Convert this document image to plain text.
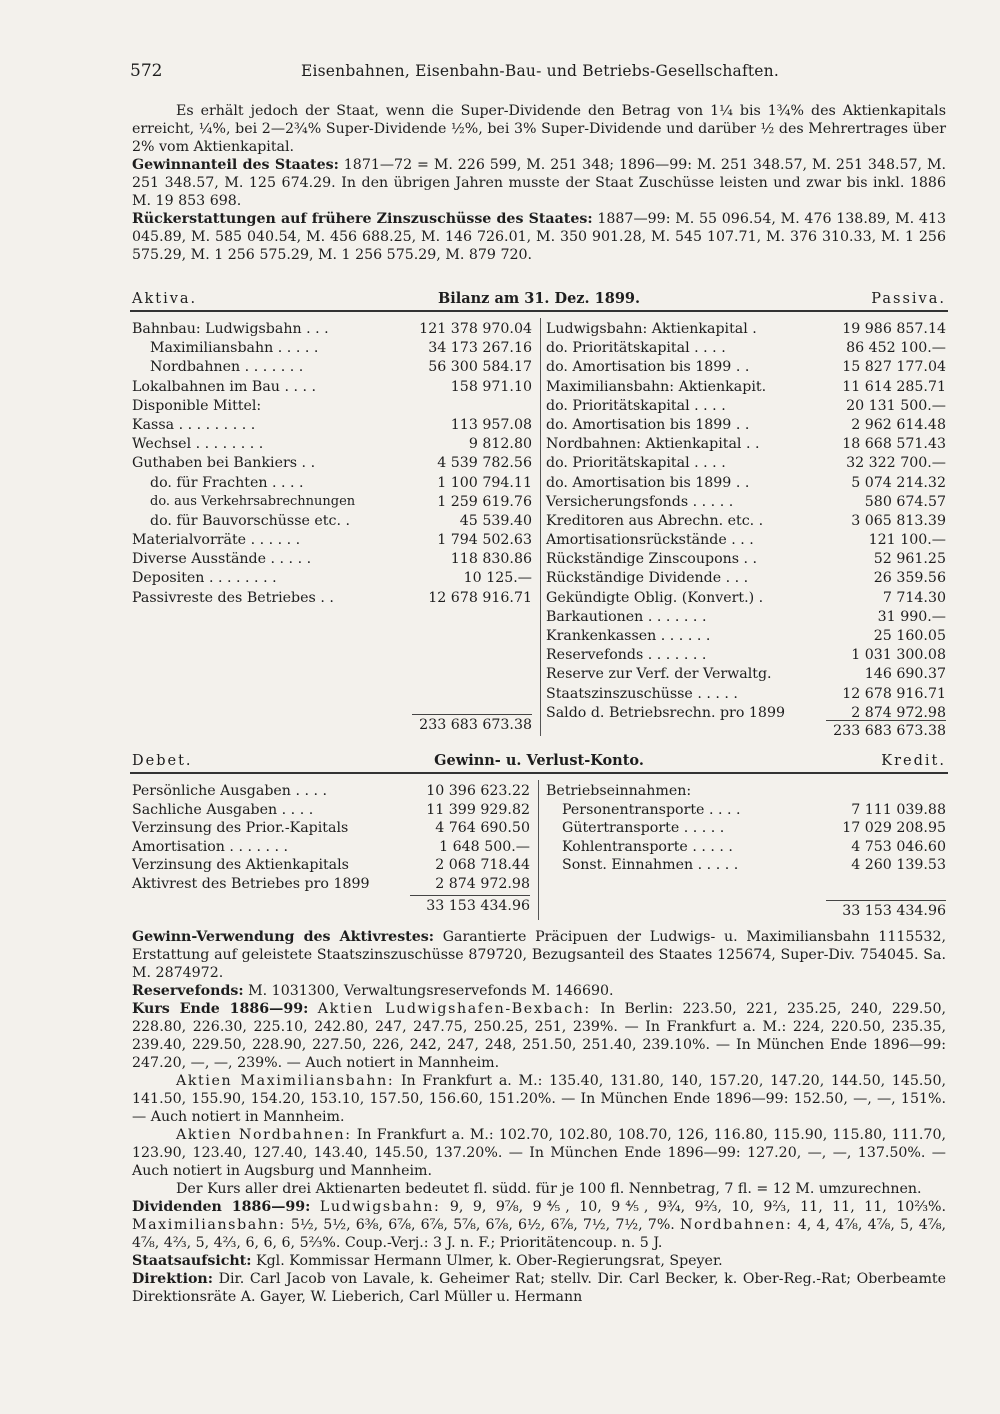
572	Eisenbahnen, Eisenbahn-Bau- und Betriebs-Gesellschaften.

Es erhält jedoch der Staat, wenn die Super-Dividende den Betrag von 1¼ bis 1¾% des Aktienkapitals erreicht, ¼%, bei 2—2¾% Super-Dividende ½%, bei 3% Super-Dividende und darüber ½ des Mehrertrages über 2% vom Aktienkapital.

Gewinnanteil des Staates: 1871—72 = M. 226 599, M. 251 348; 1896—99: M. 251 348.57, M. 251 348.57, M. 251 348.57, M. 125 674.29. In den übrigen Jahren musste der Staat Zuschüsse leisten und zwar bis inkl. 1886 M. 19 853 698.

Rückerstattungen auf frühere Zinszuschüsse des Staates: 1887—99: M. 55 096.54, M. 476 138.89, M. 413 045.89, M. 585 040.54, M. 456 688.25, M. 146 726.01, M. 350 901.28, M. 545 107.71, M. 376 310.33, M. 1 256 575.29, M. 1 256 575.29, M. 1 256 575.29, M. 879 720.

Aktiva.	Bilanz am 31. Dez. 1899.	Passiva.
Bahnbau: Ludwigsbahn . . .	121 378 970.04
Maximiliansbahn . . . . .	34 173 267.16
Nordbahnen . . . . . . .	56 300 584.17
Lokalbahnen im Bau . . . .	158 971.10
Disponible Mittel:
Kassa . . . . . . . . .	113 957.08
Wechsel . . . . . . . .	9 812.80
Guthaben bei Bankiers . .	4 539 782.56
do. für Frachten . . . .	1 100 794.11
do. aus Verkehrsabrechnungen	1 259 619.76
do. für Bauvorschüsse etc. .	45 539.40
Materialvorräte . . . . . .	1 794 502.63
Diverse Ausstände . . . . .	118 830.86
Depositen . . . . . . . .	10 125.—
Passivreste des Betriebes . .	12 678 916.71
233 683 673.38
Ludwigsbahn: Aktienkapital .	19 986 857.14
do. Prioritätskapital . . . .	86 452 100.—
do. Amortisation bis 1899 . .	15 827 177.04
Maximiliansbahn: Aktienkapit.	11 614 285.71
do. Prioritätskapital . . . .	20 131 500.—
do. Amortisation bis 1899 . .	2 962 614.48
Nordbahnen: Aktienkapital . .	18 668 571.43
do. Prioritätskapital . . . .	32 322 700.—
do. Amortisation bis 1899 . .	5 074 214.32
Versicherungsfonds . . . . .	580 674.57
Kreditoren aus Abrechn. etc. .	3 065 813.39
Amortisationsrückstände . . .	121 100.—
Rückständige Zinscoupons . .	52 961.25
Rückständige Dividende . . .	26 359.56
Gekündigte Oblig. (Konvert.) .	7 714.30
Barkautionen . . . . . . .	31 990.—
Krankenkassen . . . . . .	25 160.05
Reservefonds . . . . . . .	1 031 300.08
Reserve zur Verf. der Verwaltg.	146 690.37
Staatszinszuschüsse . . . . .	12 678 916.71
Saldo d. Betriebsrechn. pro 1899	2 874 972.98
233 683 673.38
Debet.	Gewinn- u. Verlust-Konto.	Kredit.
Persönliche Ausgaben . . . .	10 396 623.22
Sachliche Ausgaben . . . .	11 399 929.82
Verzinsung des Prior.-Kapitals	4 764 690.50
Amortisation . . . . . . .	1 648 500.—
Verzinsung des Aktienkapitals	2 068 718.44
Aktivrest des Betriebes pro 1899	2 874 972.98
33 153 434.96
Betriebseinnahmen:
Personentransporte . . . .	7 111 039.88
Gütertransporte . . . . .	17 029 208.95
Kohlentransporte . . . . .	4 753 046.60
Sonst. Einnahmen . . . . .	4 260 139.53
33 153 434.96

Gewinn-Verwendung des Aktivrestes: Garantierte Präcipuen der Ludwigs- u. Maximiliansbahn 1115532, Erstattung auf geleistete Staatszinszuschüsse 879720, Bezugsanteil des Staates 125674, Super-Div. 754045. Sa. M. 2874972.

Reservefonds: M. 1031300, Verwaltungsreservefonds M. 146690.

Kurs Ende 1886—99: Aktien Ludwigshafen-Bexbach: In Berlin: 223.50, 221, 235.25, 240, 229.50, 228.80, 226.30, 225.10, 242.80, 247, 247.75, 250.25, 251, 239%. — In Frankfurt a. M.: 224, 220.50, 235.35, 239.40, 229.50, 228.90, 227.50, 226, 242, 247, 248, 251.50, 251.40, 239.10%. — In München Ende 1896—99: 247.20, —, —, 239%. — Auch notiert in Mannheim.

Aktien Maximiliansbahn: In Frankfurt a. M.: 135.40, 131.80, 140, 157.20, 147.20, 144.50, 145.50, 141.50, 155.90, 154.20, 153.10, 157.50, 156.60, 151.20%. — In München Ende 1896—99: 152.50, —, —, 151%. — Auch notiert in Mannheim.

Aktien Nordbahnen: In Frankfurt a. M.: 102.70, 102.80, 108.70, 126, 116.80, 115.90, 115.80, 111.70, 123.90, 123.40, 127.40, 143.40, 145.50, 137.20%. — In München Ende 1896—99: 127.20, —, —, 137.50%. — Auch notiert in Augsburg und Mannheim.

Der Kurs aller drei Aktienarten bedeutet fl. südd. für je 100 fl. Nennbetrag, 7 fl. = 12 M. umzurechnen.

Dividenden 1886—99: Ludwigsbahn: 9, 9, 9⅞, 9⅘, 10, 9⅘, 9¾, 9⅔, 10, 9⅔, 11, 11, 11, 10⅔%. Maximiliansbahn: 5½, 5½, 6⅜, 6⅞, 6⅞, 5⅞, 6⅞, 6½, 6⅞, 7½, 7½, 7%. Nordbahnen: 4, 4, 4⅞, 4⅞, 5, 4⅞, 4⅞, 4⅔, 5, 4⅔, 6, 6, 6, 5⅔%. Coup.-Verj.: 3 J. n. F.; Prioritätencoup. n. 5 J.

Staatsaufsicht: Kgl. Kommissar Hermann Ulmer, k. Ober-Regierungsrat, Speyer.

Direktion: Dir. Carl Jacob von Lavale, k. Geheimer Rat; stellv. Dir. Carl Becker, k. Ober-Reg.-Rat; Oberbeamte Direktionsräte A. Gayer, W. Lieberich, Carl Müller u. Hermann
